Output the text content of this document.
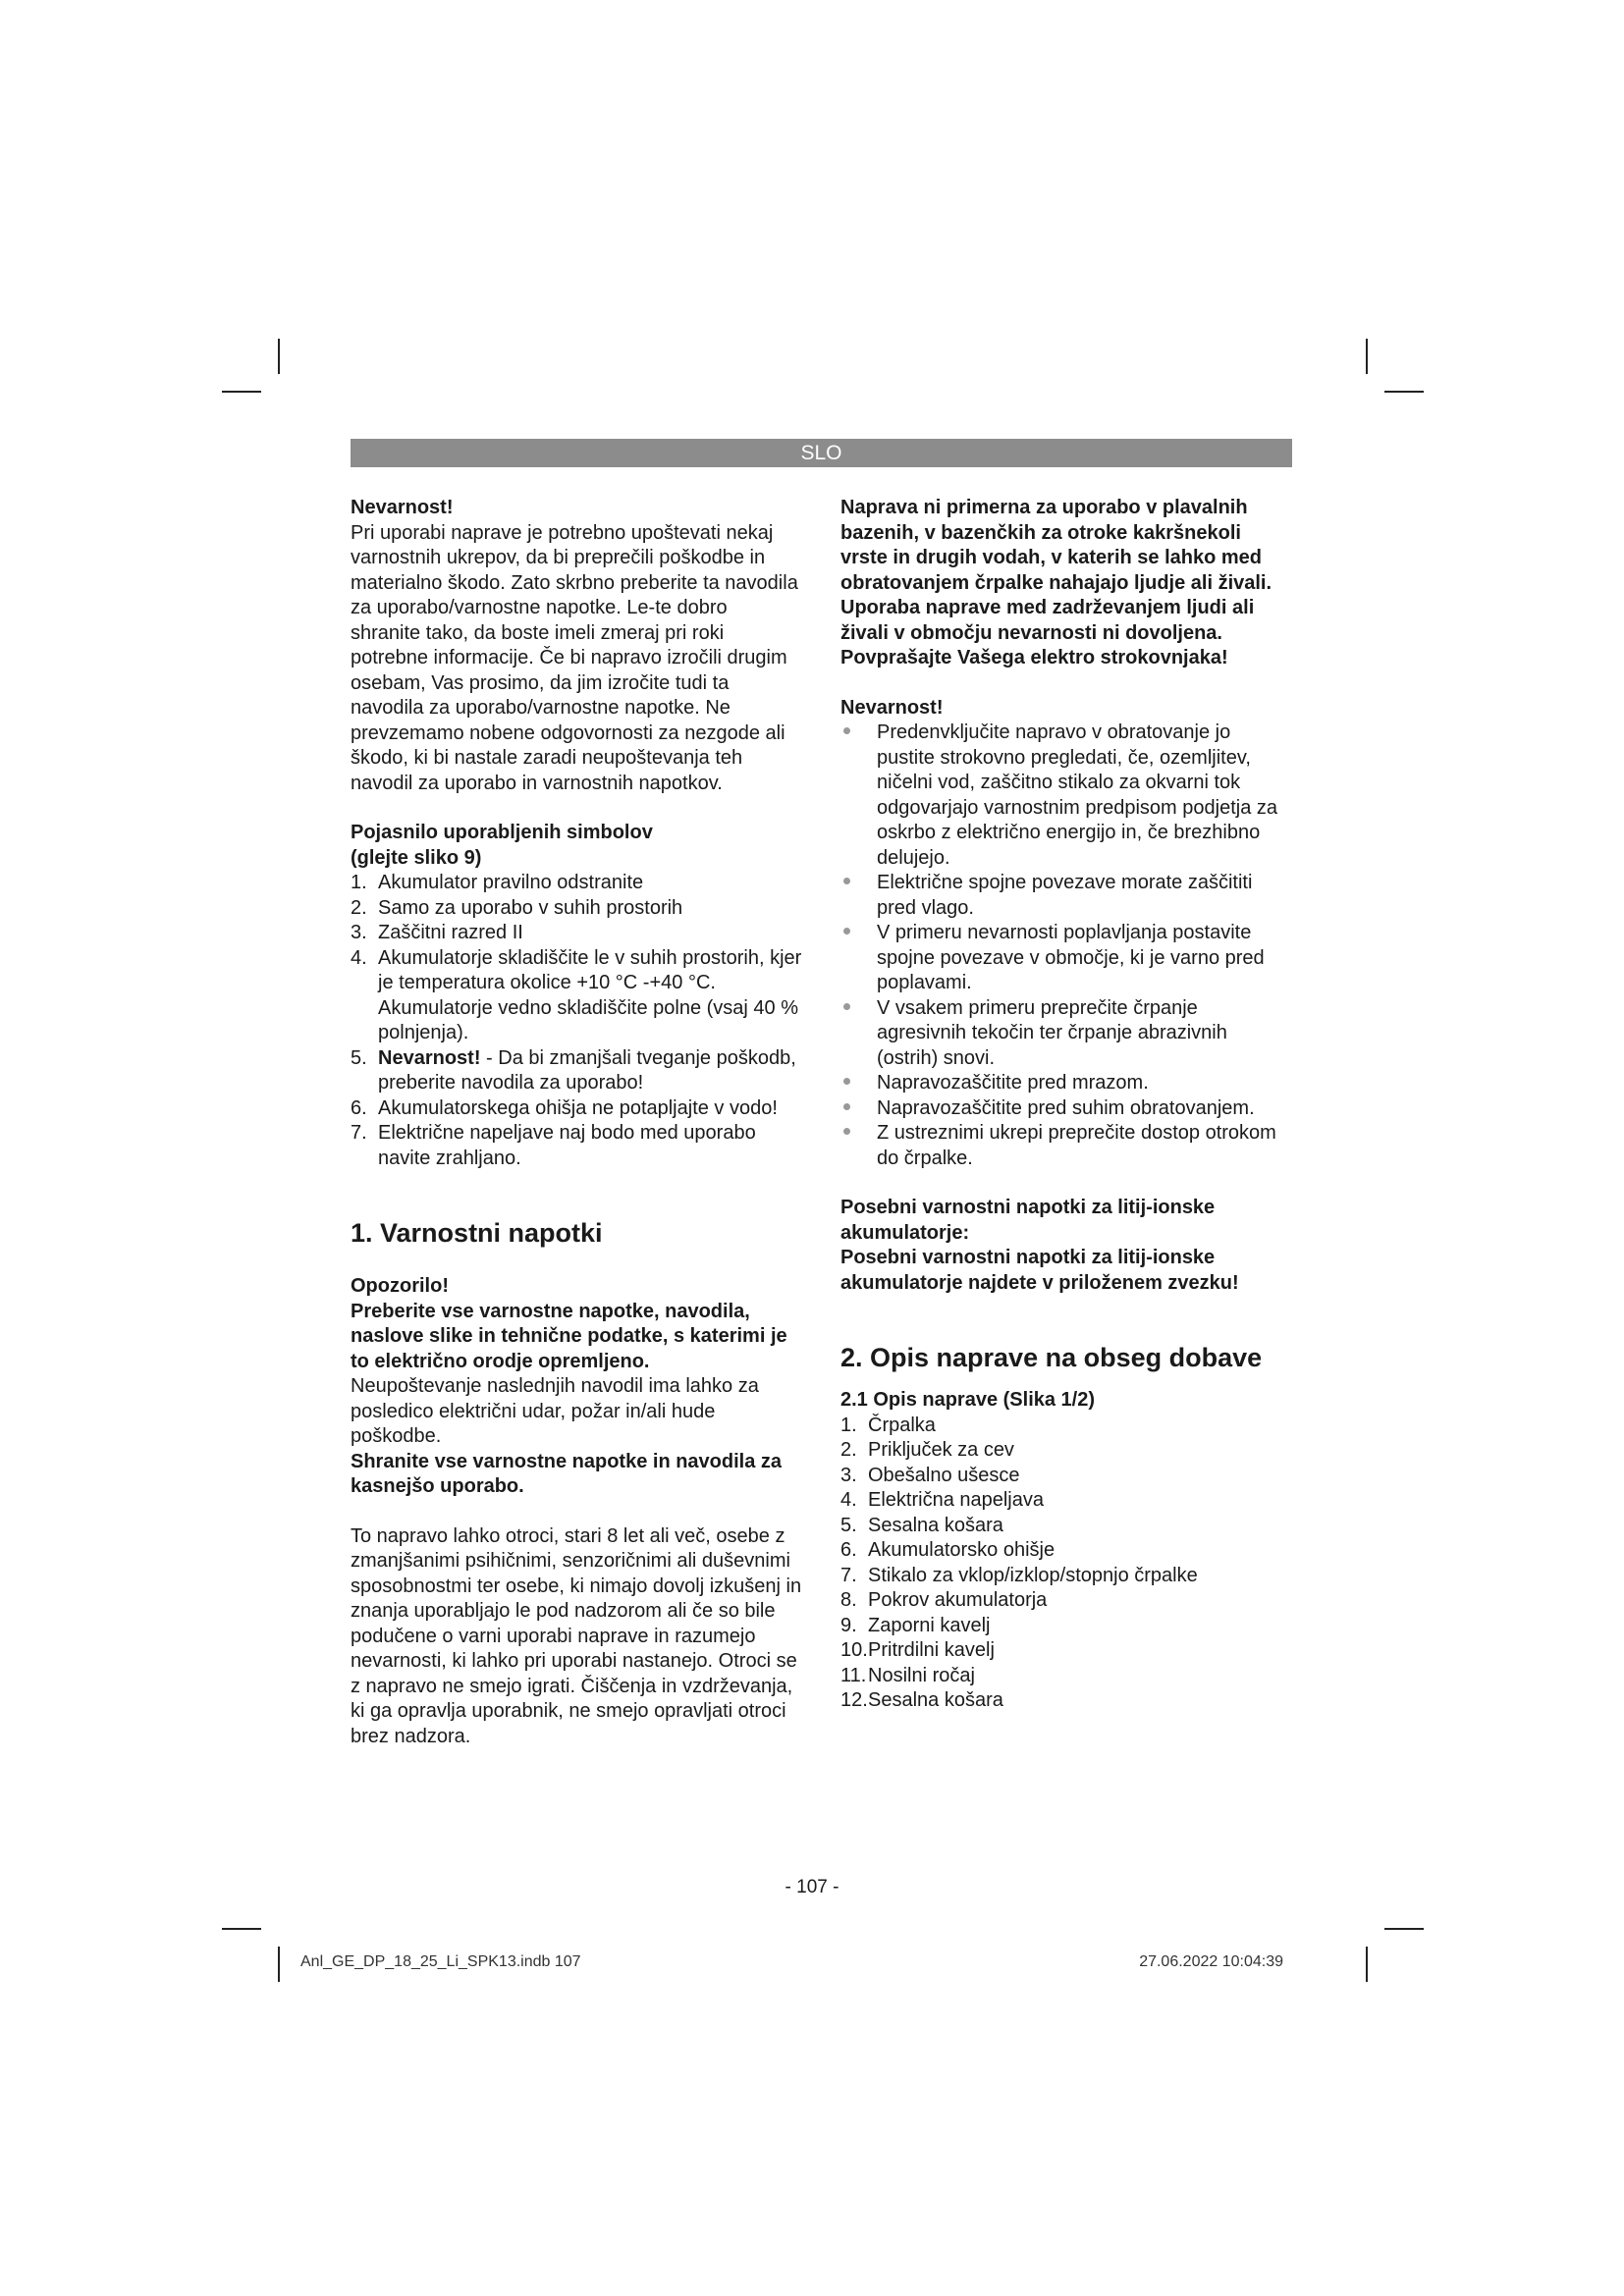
SLO
Nevarnost!

Pri uporabi naprave je potrebno upoštevati nekaj varnostnih ukrepov, da bi preprečili poškodbe in materialno škodo. Zato skrbno preberite ta navodila za uporabo/varnostne napotke. Le-te dobro shranite tako, da boste imeli zmeraj pri roki potrebne informacije. Če bi napravo izročili drugim osebam, Vas prosimo, da jim izročite tudi ta navodila za uporabo/varnostne napotke. Ne prevzemamo nobene odgovornosti za nezgode ali škodo, ki bi nastale zaradi neupoštevanja teh navodil za uporabo in varnostnih napotkov.

Pojasnilo uporabljenih simbolov
(glejte sliko 9)
1. Akumulator pravilno odstranite
2. Samo za uporabo v suhih prostorih
3. Zaščitni razred II
4. Akumulatorje skladiščite le v suhih prostorih, kjer je temperatura okolice +10 °C -+40 °C. Akumulatorje vedno skladiščite polne (vsaj 40 % polnjenja).
5. Nevarnost! - Da bi zmanjšali tveganje poškodb, preberite navodila za uporabo!
6. Akumulatorskega ohišja ne potapljajte v vodo!
7. Električne napeljave naj bodo med uporabo navite zrahljano.
1. Varnostni napotki
Opozorilo!
Preberite vse varnostne napotke, navodila, naslove slike in tehnične podatke, s katerimi je to električno orodje opremljeno.

Neupoštevanje naslednjih navodil ima lahko za posledico električni udar, požar in/ali hude poškodbe.

Shranite vse varnostne napotke in navodila za kasnejšo uporabo.

To napravo lahko otroci, stari 8 let ali več, osebe z zmanjšanimi psihičnimi, senzoričnimi ali duševnimi sposobnostmi ter osebe, ki nimajo dovolj izkušenj in znanja uporabljajo le pod nadzorom ali če so bile podučene o varni uporabi naprave in razumejo nevarnosti, ki lahko pri uporabi nastanejo. Otroci se z napravo ne smejo igrati. Čiščenja in vzdrževanja, ki ga opravlja uporabnik, ne smejo opravljati otroci brez nadzora.

Naprava ni primerna za uporabo v plavalnih bazenih, v bazenčkih za otroke kakršnekoli vrste in drugih vodah, v katerih se lahko med obratovanjem črpalke nahajajo ljudje ali živali. Uporaba naprave med zadrževanjem ljudi ali živali v območju nevarnosti ni dovoljena. Povprašajte Vašega elektro strokovnjaka!
Nevarnost!
Predenvključite napravo v obratovanje jo pustite strokovno pregledati, če, ozemljitev, ničelni vod, zaščitno stikalo za okvarni tok odgovarjajo varnostnim predpisom podjetja za oskrbo z električno energijo in, če brezhibno delujejo.
Električne spojne povezave morate zaščititi pred vlago.
V primeru nevarnosti poplavljanja postavite spojne povezave v območje, ki je varno pred poplavami.
V vsakem primeru preprečite črpanje agresivnih tekočin ter črpanje abrazivnih (ostrih) snovi.
Napravozaščitite pred mrazom.
Napravozaščitite pred suhim obratovanjem.
Z ustreznimi ukrepi preprečite dostop otrokom do črpalke.
Posebni varnostni napotki za litij-ionske akumulatorje:
Posebni varnostni napotki za litij-ionske akumulatorje najdete v priloženem zvezku!
2. Opis naprave na obseg dobave
2.1 Opis naprave (Slika 1/2)
1. Črpalka
2. Priključek za cev
3. Obešalno ušesce
4. Električna napeljava
5. Sesalna košara
6. Akumulatorsko ohišje
7. Stikalo za vklop/izklop/stopnjo črpalke
8. Pokrov akumulatorja
9. Zaporni kavelj
10. Pritrdilni kavelj
11. Nosilni ročaj
12. Sesalna košara
- 107 -
Anl_GE_DP_18_25_Li_SPK13.indb 107	27.06.2022 10:04:39
